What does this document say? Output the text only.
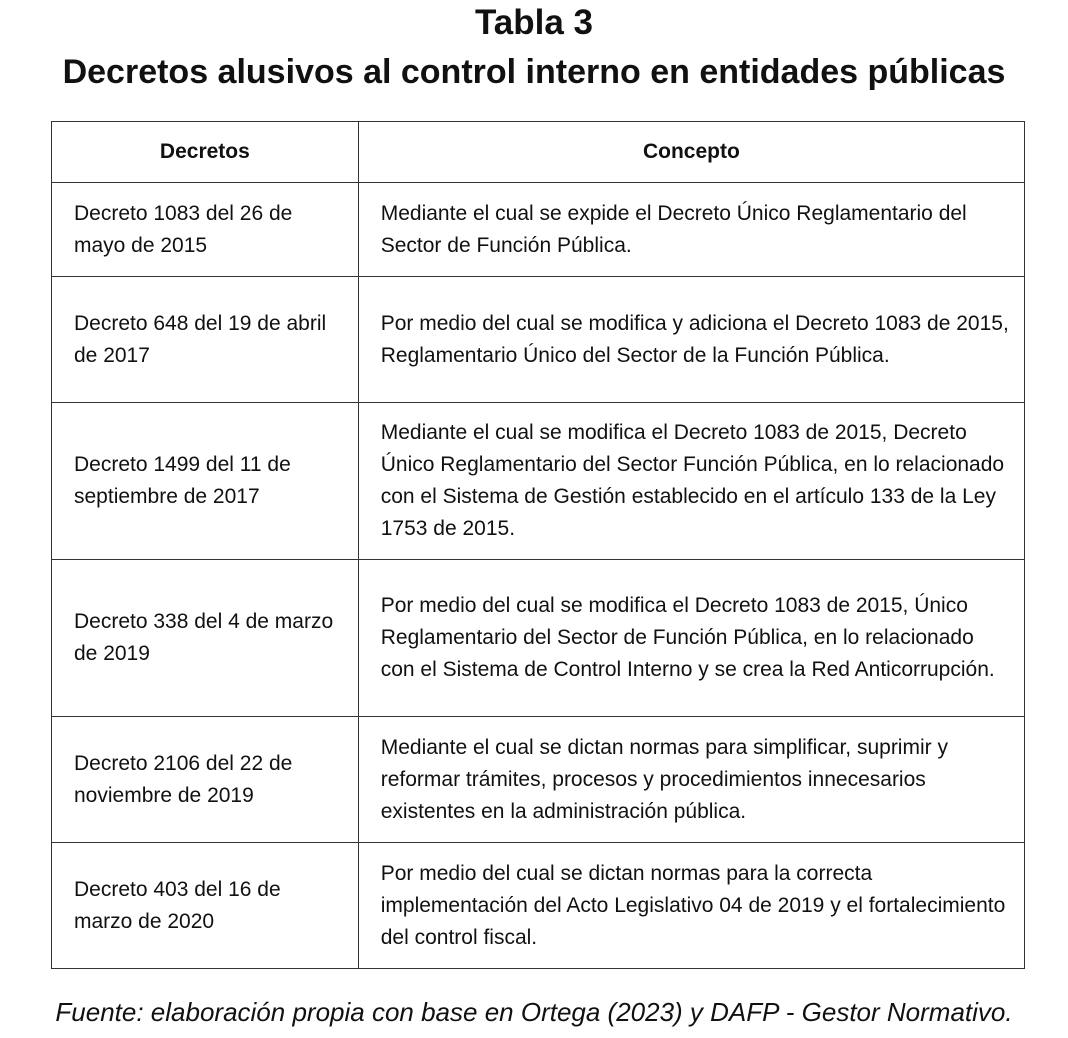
Tabla 3
Decretos alusivos al control interno en entidades públicas
Decretos	Concepto
Decreto 1083 del 26 de mayo de 2015	Mediante el cual se expide el Decreto Único Reglamentario del Sector de Función Pública.
Decreto 648 del 19 de abril de 2017	Por medio del cual se modifica y adiciona el Decreto 1083 de 2015, Reglamentario Único del Sector de la Función Pública.
Decreto 1499 del 11 de septiembre de 2017	Mediante el cual se modifica el Decreto 1083 de 2015, Decreto Único Reglamentario del Sector Función Pública, en lo relacionado con el Sistema de Gestión establecido en el artículo 133 de la Ley 1753 de 2015.
Decreto 338 del 4 de marzo de 2019	Por medio del cual se modifica el Decreto 1083 de 2015, Único Reglamentario del Sector de Función Pública, en lo relacionado con el Sistema de Control Interno y se crea la Red Anticorrupción.
Decreto 2106 del 22 de noviembre de 2019	Mediante el cual se dictan normas para simplificar, suprimir y reformar trámites, procesos y procedimientos innecesarios existentes en la administración pública.
Decreto 403 del 16 de marzo de 2020	Por medio del cual se dictan normas para la correcta implementación del Acto Legislativo 04 de 2019 y el fortalecimiento del control fiscal.

Fuente: elaboración propia con base en Ortega (2023) y DAFP - Gestor Normativo.
